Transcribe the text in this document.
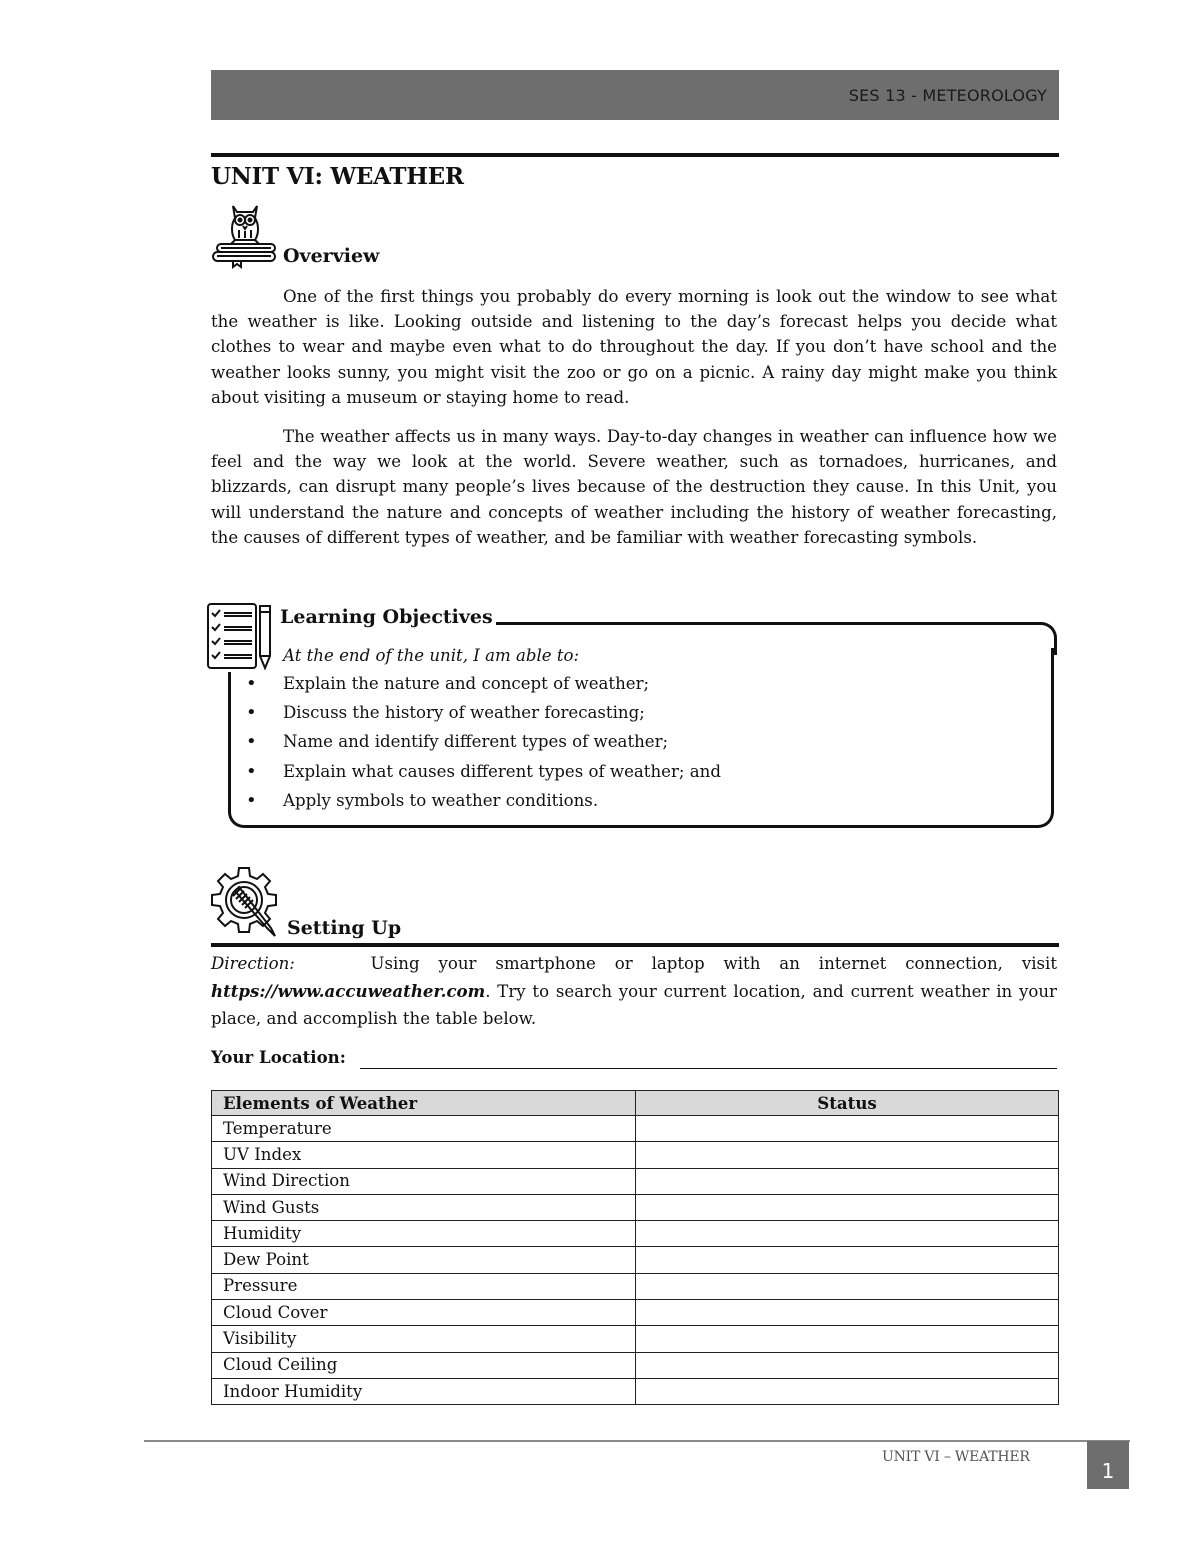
SES 13 - METEOROLOGY
UNIT VI: WEATHER
Overview

One of the first things you probably do every morning is look out the window to see what the weather is like. Looking outside and listening to the day’s forecast helps you decide what clothes to wear and maybe even what to do throughout the day. If you don’t have school and the weather looks sunny, you might visit the zoo or go on a picnic. A rainy day might make you think about visiting a museum or staying home to read.

The weather affects us in many ways. Day-to-day changes in weather can influence how we feel and the way we look at the world. Severe weather, such as tornadoes, hurricanes, and blizzards, can disrupt many people’s lives because of the destruction they cause. In this Unit, you will understand the nature and concepts of weather including the history of weather forecasting, the causes of different types of weather, and be familiar with weather forecasting symbols.

Learning Objectives
At the end of the unit, I am able to:
• Explain the nature and concept of weather;
• Discuss the history of weather forecasting;
• Name and identify different types of weather;
• Explain what causes different types of weather; and
• Apply symbols to weather conditions.
Setting Up

Direction:	Using your smartphone or laptop with an internet connection, visit https://www.accuweather.com. Try to search your current location, and current weather in your place, and accomplish the table below.

Your Location:
Elements of Weather	Status
Temperature	
UV Index	
Wind Direction	
Wind Gusts	
Humidity	
Dew Point	
Pressure	
Cloud Cover	
Visibility	
Cloud Ceiling	
Indoor Humidity	
UNIT VI – WEATHER
1
